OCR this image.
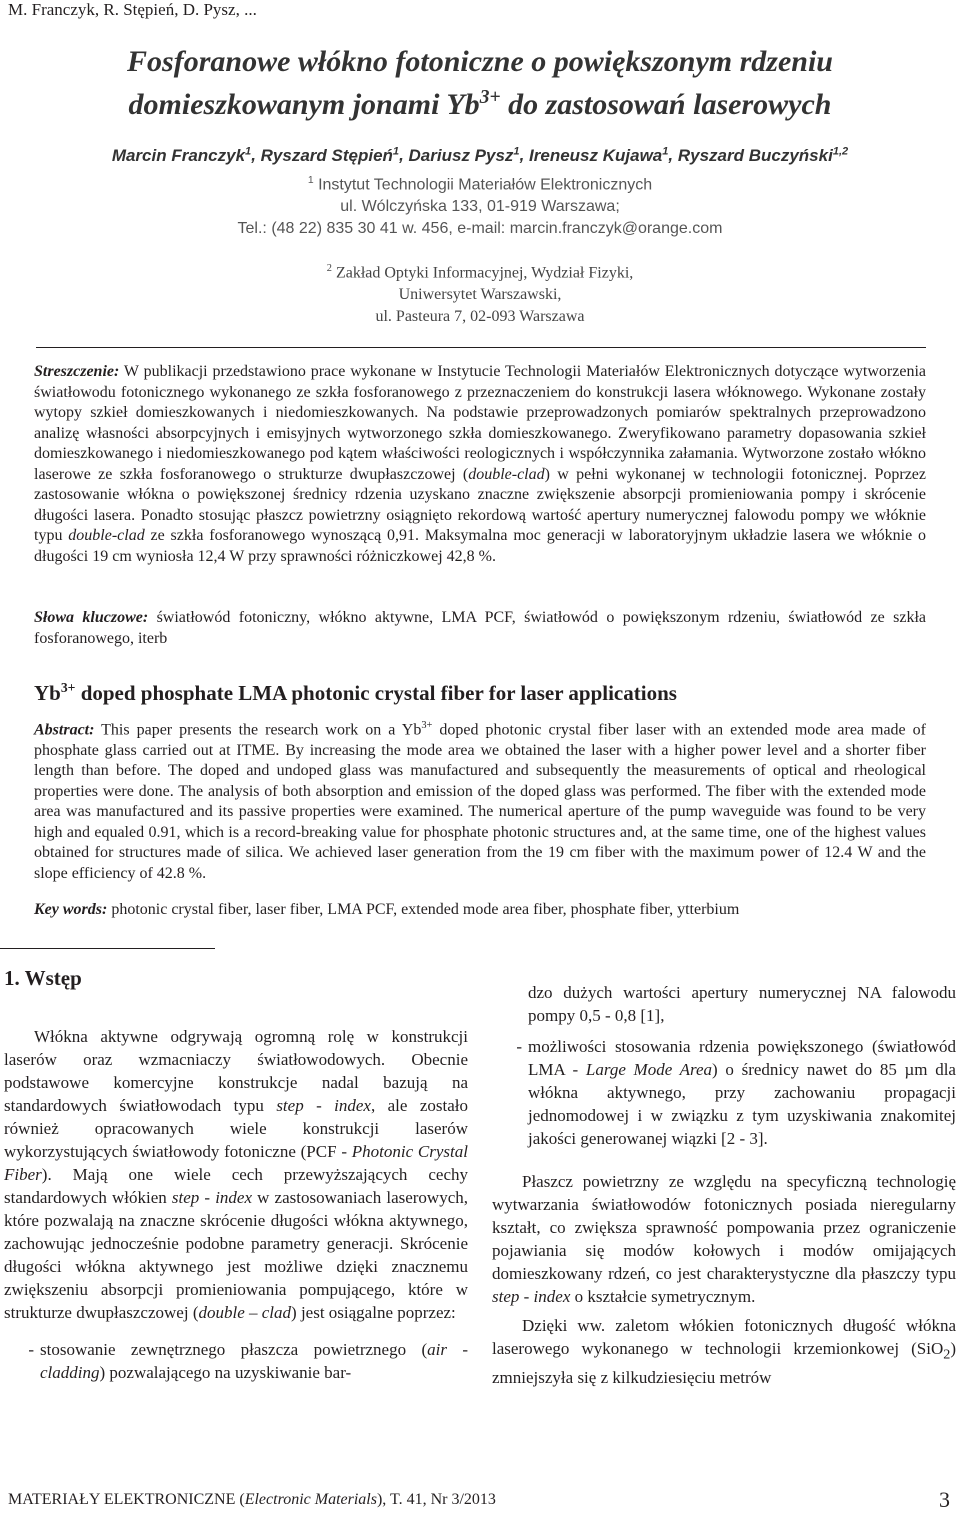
M. Franczyk, R. Stępień, D. Pysz, ...
Fosforanowe włókno fotoniczne o powiększonym rdzeniu
domieszkowanym jonami $Yb^{3+}$ do zastosowań laserowych
Marcin Franczyk$^1$, Ryszard Stępień$^1$, Dariusz Pysz$^1$, Ireneusz Kujawa$^1$, Ryszard Buczyński$^{1,2}$
$^1$ Instytut Technologii Materiałów Elektronicznych
ul. Wólczyńska 133, 01-919 Warszawa;
Tel.: (48 22) 835 30 41 w. 456, e-mail: marcin.franczyk@orange.com
$^2$ Zakład Optyki Informacyjnej, Wydział Fizyki,
Uniwersytet Warszawski,
ul. Pasteura 7, 02-093 Warszawa
Streszczenie: W publikacji przedstawiono prace wykonane w Instytucie Technologii Materiałów Elektronicznych dotyczące wytworzenia światłowodu fotonicznego wykonanego ze szkła fosforanowego z przeznaczeniem do konstrukcji lasera włóknowego. Wykonane zostały wytopy szkieł domieszkowanych i niedomieszkowanych. Na podstawie przeprowadzonych pomiarów spektralnych przeprowadzono analizę własności absorpcyjnych i emisyjnych wytworzonego szkła domieszkowanego. Zweryfikowano parametry dopasowania szkieł domieszkowanego i niedomieszkowanego pod kątem właściwości reologicznych i współczynnika załamania. Wytworzone zostało włókno laserowe ze szkła fosforanowego o strukturze dwupłaszczowej (double-clad) w pełni wykonanej w technologii fotonicznej. Poprzez zastosowanie włókna o powiększonej średnicy rdzenia uzyskano znaczne zwiększenie absorpcji promieniowania pompy i skrócenie długości lasera. Ponadto stosując płaszcz powietrzny osiągnięto rekordową wartość apertury numerycznej falowodu pompy we włóknie typu double-clad ze szkła fosforanowego wynoszącą 0,91. Maksymalna moc generacji w laboratoryjnym układzie lasera we włóknie o długości 19 cm wyniosła 12,4 W przy sprawności różniczkowej 42,8 %.
Słowa kluczowe: światłowód fotoniczny, włókno aktywne, LMA PCF, światłowód o powiększonym rdzeniu, światłowód ze szkła fosforanowego, iterb
$Yb^{3+}$ doped phosphate LMA photonic crystal fiber for laser applications
Abstract: This paper presents the research work on a $Yb^{3+}$ doped photonic crystal fiber laser with an extended mode area made of phosphate glass carried out at ITME. By increasing the mode area we obtained the laser with a higher power level and a shorter fiber length than before. The doped and undoped glass was manufactured and subsequently the measurements of optical and rheological properties were done. The analysis of both absorption and emission of the doped glass was performed. The fiber with the extended mode area was manufactured and its passive properties were examined. The numerical aperture of the pump waveguide was found to be very high and equaled 0.91, which is a record-breaking value for phosphate photonic structures and, at the same time, one of the highest values obtained for structures made of silica. We achieved laser generation from the 19 cm fiber with the maximum power of 12.4 W and the slope efficiency of 42.8 %.
Key words: photonic crystal fiber, laser fiber, LMA PCF, extended mode area fiber, phosphate fiber, ytterbium
1. Wstęp

Włókna aktywne odgrywają ogromną rolę w konstrukcji laserów oraz wzmacniaczy światłowodowych. Obecnie podstawowe komercyjne konstrukcje nadal bazują na standardowych światłowodach typu step - index, ale zostało również opracowanych wiele konstrukcji laserów wykorzystujących światłowody fotoniczne (PCF - Photonic Crystal Fiber). Mają one wiele cech przewyższających cechy standardowych włókien step - index w zastosowaniach laserowych, które pozwalają na znaczne skrócenie długości włókna aktywnego, zachowując jednocześnie podobne parametry generacji. Skrócenie długości włókna aktywnego jest możliwe dzięki znacznemu zwiększeniu absorpcji promieniowania pompującego, które w strukturze dwupłaszczowej (double – clad) jest osiągalne poprzez:

- stosowanie zewnętrznego płaszcza powietrznego (air - cladding) pozwalającego na uzyskiwanie bar-
dzo dużych wartości apertury numerycznej NA falowodu pompy 0,5 - 0,8 [1],
- możliwości stosowania rdzenia powiększonego (światłowód LMA - Large Mode Area) o średnicy nawet do 85 µm dla włókna aktywnego, przy zachowaniu propagacji jednomodowej i w związku z tym uzyskiwania znakomitej jakości generowanej wiązki [2 - 3].

Płaszcz powietrzny ze względu na specyficzną technologię wytwarzania światłowodów fotonicznych posiada nieregularny kształt, co zwiększa sprawność pompowania przez ograniczenie pojawiania się modów kołowych i modów omijających domieszkowany rdzeń, co jest charakterystyczne dla płaszczy typu step - index o kształcie symetrycznym.

Dzięki ww. zaletom włókien fotonicznych długość włókna laserowego wykonanego w technologii krzemionkowej (SiO$_2$) zmniejszyła się z kilkudziesięciu metrów

MATERIAŁY ELEKTRONICZNE (Electronic Materials), T. 41, Nr 3/2013	3
